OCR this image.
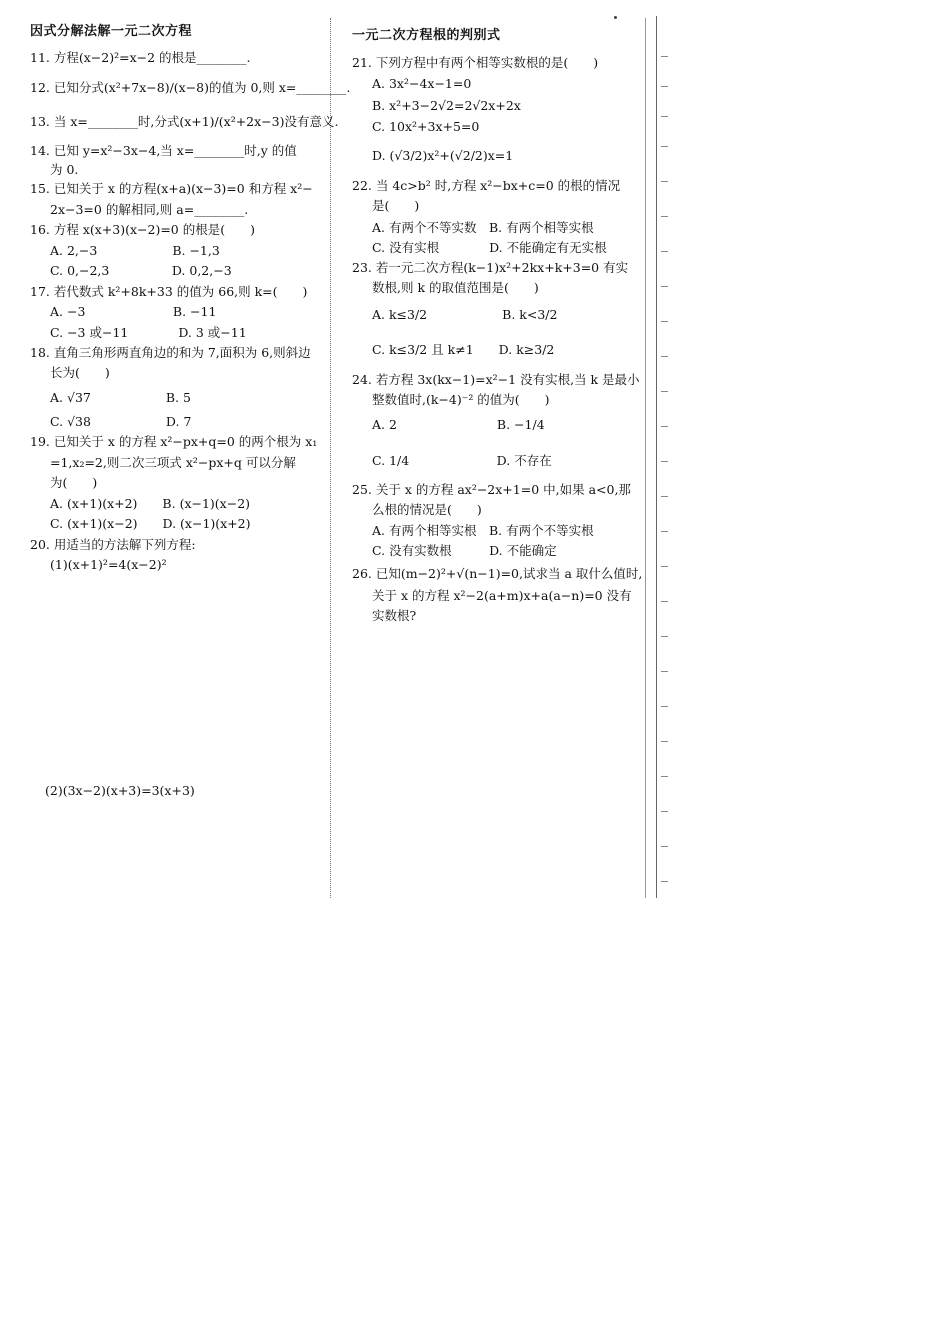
因式分解法解一元二次方程
11. 方程(x−2)²=x−2 的根是________.
12. 已知分式(x²+7x−8)/(x−8)的值为 0,则 x=________.
13. 当 x=________时,分式(x+1)/(x²+2x−3)没有意义.
14. 已知 y=x²−3x−4,当 x=________时,y 的值
为 0.
15. 已知关于 x 的方程(x+a)(x−3)=0 和方程 x²−
2x−3=0 的解相同,则 a=________.
16. 方程 x(x+3)(x−2)=0 的根是(　　)
A. 2,−3　　　　　　B. −1,3
C. 0,−2,3　　　　　D. 0,2,−3
17. 若代数式 k²+8k+33 的值为 66,则 k=(　　)
A. −3　　　　　　　B. −11
C. −3 或−11　　　　D. 3 或−11
18. 直角三角形两直角边的和为 7,面积为 6,则斜边
长为(　　)
A. √37　　　　　　B. 5
C. √38　　　　　　D. 7
19. 已知关于 x 的方程 x²−px+q=0 的两个根为 x₁
=1,x₂=2,则二次三项式 x²−px+q 可以分解
为(　　)
A. (x+1)(x+2)　　B. (x−1)(x−2)
C. (x+1)(x−2)　　D. (x−1)(x+2)
20. 用适当的方法解下列方程:
(1)(x+1)²=4(x−2)²
(2)(3x−2)(x+3)=3(x+3)
一元二次方程根的判别式
21. 下列方程中有两个相等实数根的是(　　)
A. 3x²−4x−1=0
B. x²+3−2√2=2√2x+2x
C. 10x²+3x+5=0
D. (√3/2)x²+(√2/2)x=1
22. 当 4c>b² 时,方程 x²−bx+c=0 的根的情况
是(　　)
A. 有两个不等实数　B. 有两个相等实根
C. 没有实根　　　　D. 不能确定有无实根
23. 若一元二次方程(k−1)x²+2kx+k+3=0 有实
数根,则 k 的取值范围是(　　)
A. k≤3/2　　　　　　B. k<3/2
C. k≤3/2 且 k≠1　　D. k≥3/2
24. 若方程 3x(kx−1)=x²−1 没有实根,当 k 是最小
整数值时,(k−4)⁻² 的值为(　　)
A. 2　　　　　　　　B. −1/4
C. 1/4　　　　　　　D. 不存在
25. 关于 x 的方程 ax²−2x+1=0 中,如果 a<0,那
么根的情况是(　　)
A. 有两个相等实根　B. 有两个不等实根
C. 没有实数根　　　D. 不能确定
26. 已知(m−2)²+√(n−1)=0,试求当 a 取什么值时,
关于 x 的方程 x²−2(a+m)x+a(a−n)=0 没有
实数根?
